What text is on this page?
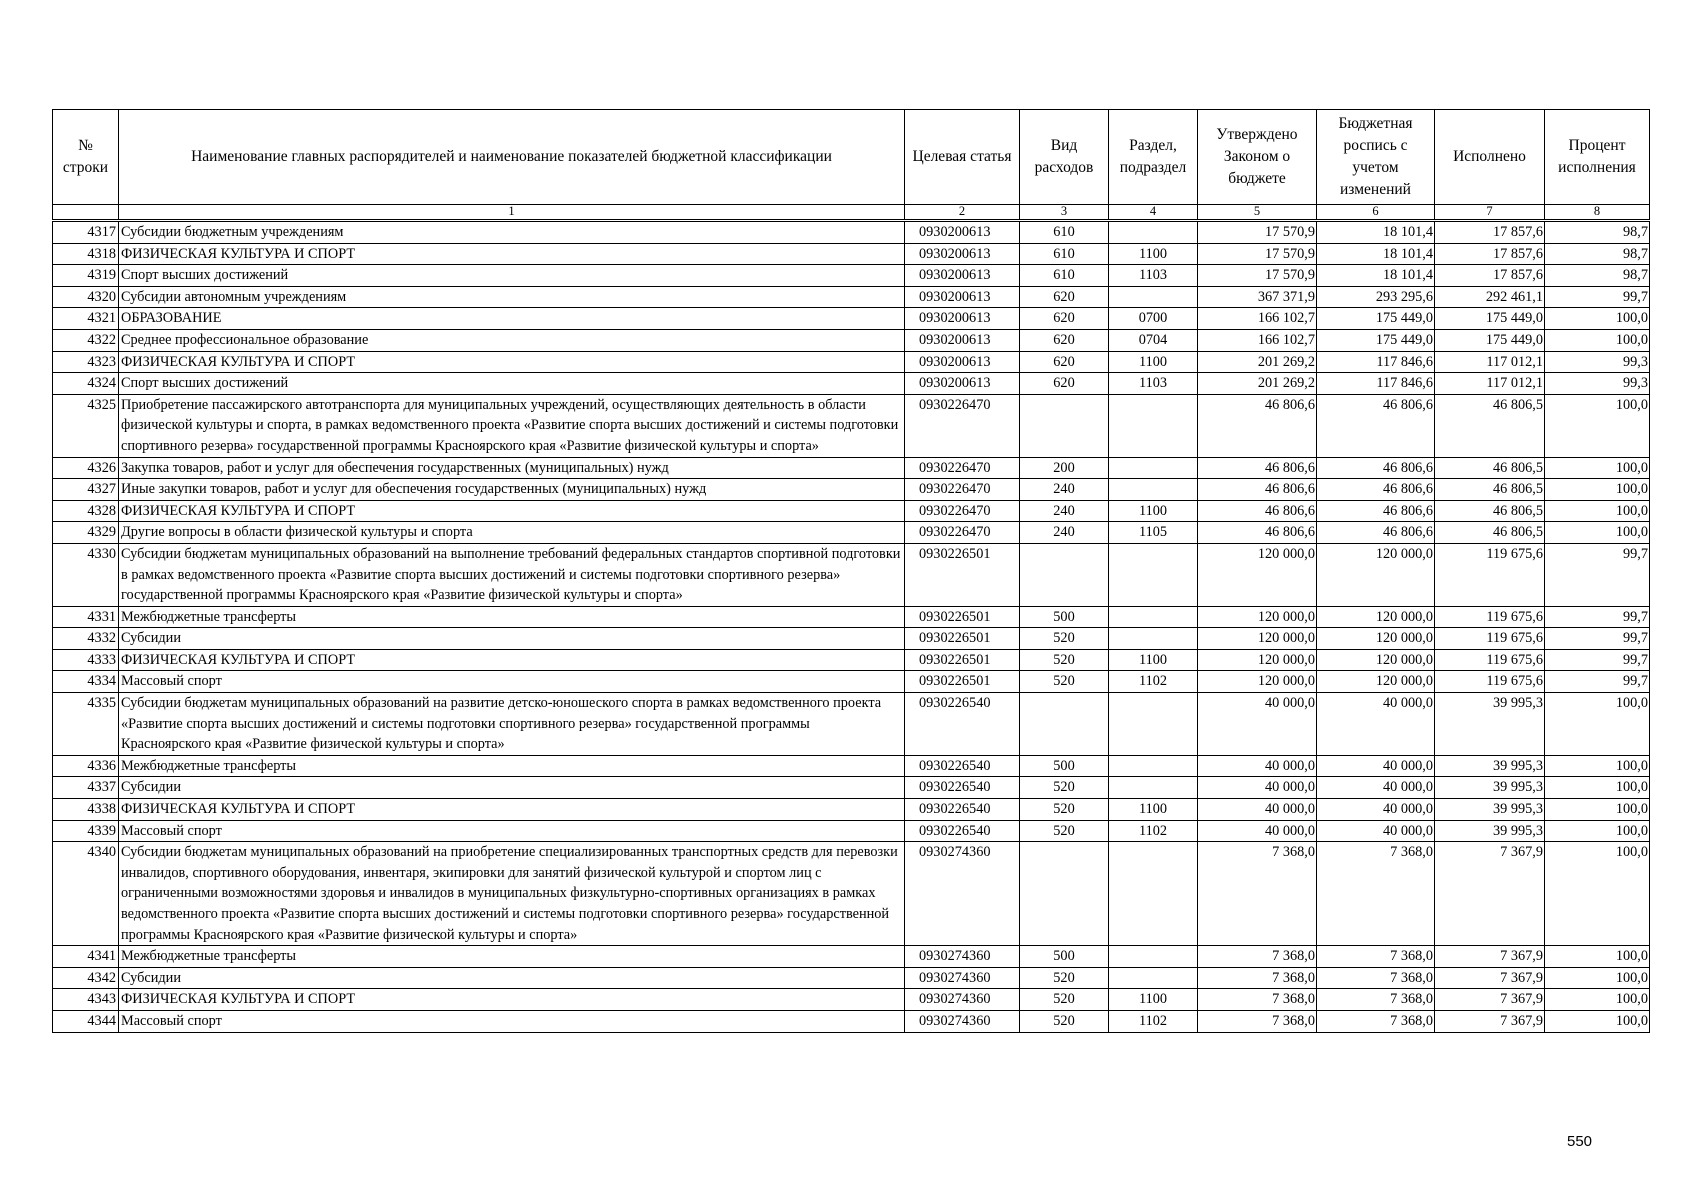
№ строки	Наименование главных распорядителей и наименование показателей бюджетной классификации	Целевая статья	Вид расходов	Раздел, подраздел	Утверждено Законом о бюджете	Бюджетная роспись с учетом изменений	Исполнено	Процент исполнения
	1	2	3	4	5	6	7	8
4317	Субсидии бюджетным учреждениям	0930200613	610		17 570,9	18 101,4	17 857,6	98,7
4318	ФИЗИЧЕСКАЯ КУЛЬТУРА И СПОРТ	0930200613	610	1100	17 570,9	18 101,4	17 857,6	98,7
4319	Спорт высших достижений	0930200613	610	1103	17 570,9	18 101,4	17 857,6	98,7
4320	Субсидии автономным учреждениям	0930200613	620		367 371,9	293 295,6	292 461,1	99,7
4321	ОБРАЗОВАНИЕ	0930200613	620	0700	166 102,7	175 449,0	175 449,0	100,0
4322	Среднее профессиональное образование	0930200613	620	0704	166 102,7	175 449,0	175 449,0	100,0
4323	ФИЗИЧЕСКАЯ КУЛЬТУРА И СПОРТ	0930200613	620	1100	201 269,2	117 846,6	117 012,1	99,3
4324	Спорт высших достижений	0930200613	620	1103	201 269,2	117 846,6	117 012,1	99,3
4325	Приобретение пассажирского автотранспорта для муниципальных учреждений, осуществляющих деятельность в области физической культуры и спорта, в рамках ведомственного проекта «Развитие спорта высших достижений и системы подготовки спортивного резерва» государственной программы Красноярского края «Развитие физической культуры и спорта»	0930226470			46 806,6	46 806,6	46 806,5	100,0
4326	Закупка товаров, работ и услуг для обеспечения государственных (муниципальных) нужд	0930226470	200		46 806,6	46 806,6	46 806,5	100,0
4327	Иные закупки товаров, работ и услуг для обеспечения государственных (муниципальных) нужд	0930226470	240		46 806,6	46 806,6	46 806,5	100,0
4328	ФИЗИЧЕСКАЯ КУЛЬТУРА И СПОРТ	0930226470	240	1100	46 806,6	46 806,6	46 806,5	100,0
4329	Другие вопросы в области физической культуры и спорта	0930226470	240	1105	46 806,6	46 806,6	46 806,5	100,0
4330	Субсидии бюджетам муниципальных образований на выполнение требований федеральных стандартов спортивной подготовки в рамках ведомственного проекта «Развитие спорта высших достижений и системы подготовки спортивного резерва» государственной программы Красноярского края «Развитие физической культуры и спорта»	0930226501			120 000,0	120 000,0	119 675,6	99,7
4331	Межбюджетные трансферты	0930226501	500		120 000,0	120 000,0	119 675,6	99,7
4332	Субсидии	0930226501	520		120 000,0	120 000,0	119 675,6	99,7
4333	ФИЗИЧЕСКАЯ КУЛЬТУРА И СПОРТ	0930226501	520	1100	120 000,0	120 000,0	119 675,6	99,7
4334	Массовый спорт	0930226501	520	1102	120 000,0	120 000,0	119 675,6	99,7
4335	Субсидии бюджетам муниципальных образований на развитие детско-юношеского спорта в рамках ведомственного проекта «Развитие спорта высших достижений и системы подготовки спортивного резерва» государственной программы Красноярского края «Развитие физической культуры и спорта»	0930226540			40 000,0	40 000,0	39 995,3	100,0
4336	Межбюджетные трансферты	0930226540	500		40 000,0	40 000,0	39 995,3	100,0
4337	Субсидии	0930226540	520		40 000,0	40 000,0	39 995,3	100,0
4338	ФИЗИЧЕСКАЯ КУЛЬТУРА И СПОРТ	0930226540	520	1100	40 000,0	40 000,0	39 995,3	100,0
4339	Массовый спорт	0930226540	520	1102	40 000,0	40 000,0	39 995,3	100,0
4340	Субсидии бюджетам муниципальных образований на приобретение специализированных транспортных средств для перевозки инвалидов, спортивного оборудования, инвентаря, экипировки для занятий физической культурой и спортом лиц с ограниченными возможностями здоровья и инвалидов в муниципальных физкультурно-спортивных организациях в рамках ведомственного проекта «Развитие спорта высших достижений и системы подготовки спортивного резерва» государственной программы Красноярского края «Развитие физической культуры и спорта»	0930274360			7 368,0	7 368,0	7 367,9	100,0
4341	Межбюджетные трансферты	0930274360	500		7 368,0	7 368,0	7 367,9	100,0
4342	Субсидии	0930274360	520		7 368,0	7 368,0	7 367,9	100,0
4343	ФИЗИЧЕСКАЯ КУЛЬТУРА И СПОРТ	0930274360	520	1100	7 368,0	7 368,0	7 367,9	100,0
4344	Массовый спорт	0930274360	520	1102	7 368,0	7 368,0	7 367,9	100,0
550
